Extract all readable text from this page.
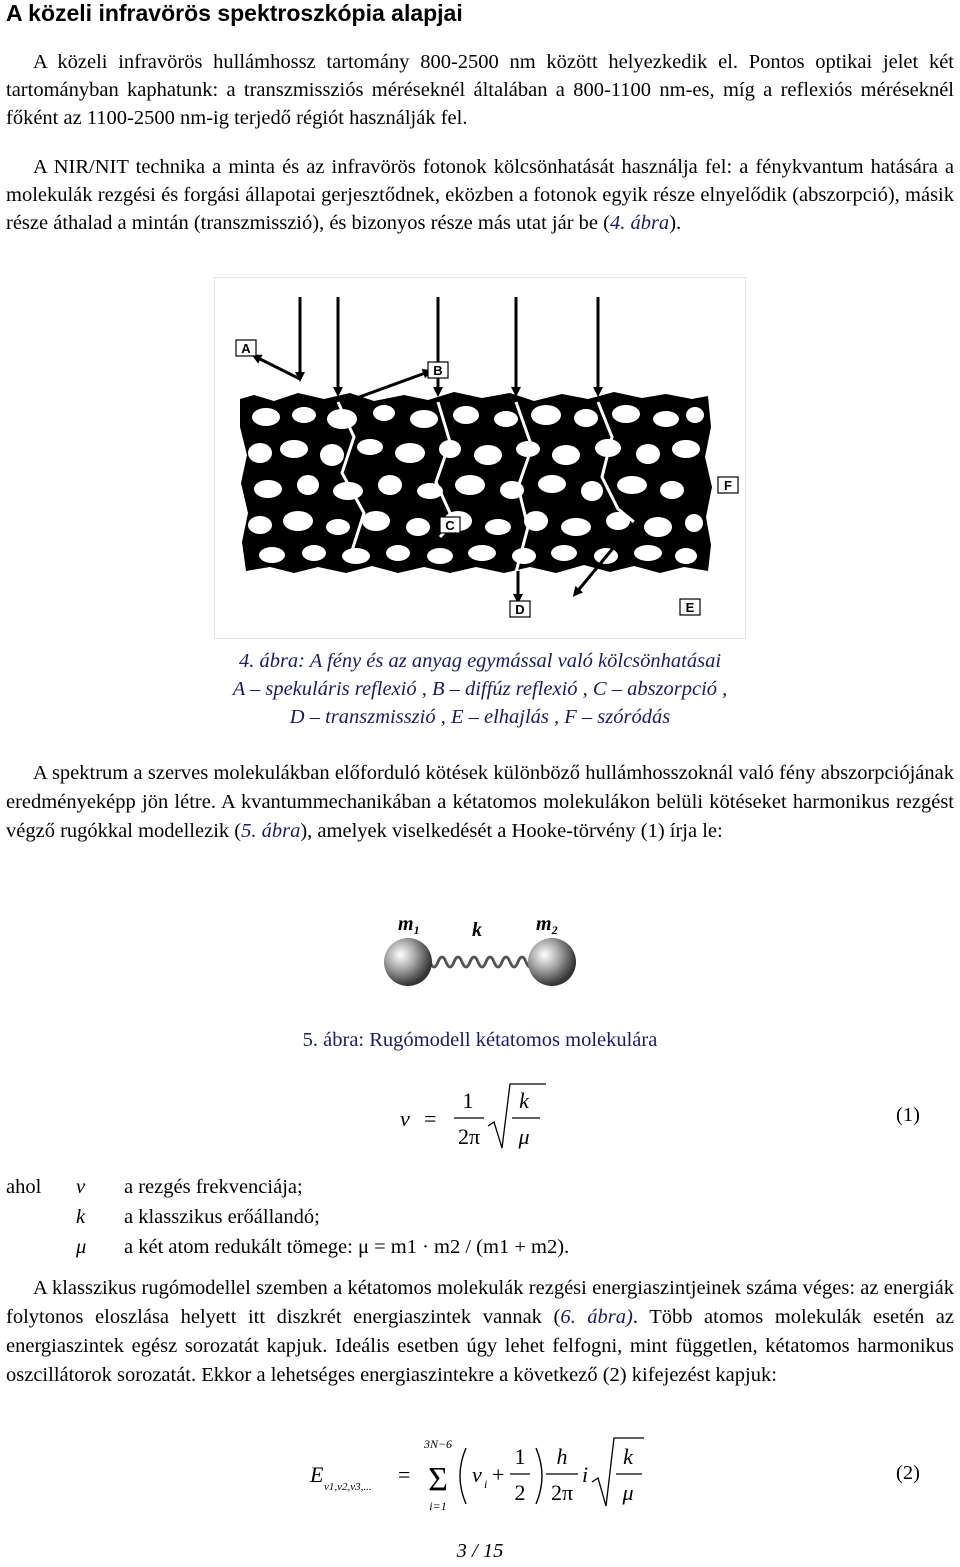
A közeli infravörös spektroszkópia alapjai
A közeli infravörös hullámhossz tartomány 800-2500 nm között helyezkedik el. Pontos optikai jelet két tartományban kaphatunk: a transzmissziós méréseknél általában a 800-1100 nm-es, míg a reflexiós méréseknél főként az 1100-2500 nm-ig terjedő régiót használják fel.
A NIR/NIT technika a minta és az infravörös fotonok kölcsönhatását használja fel: a fénykvantum hatására a molekulák rezgési és forgási állapotai gerjesztődnek, eközben a fotonok egyik része elnyelődik (abszorpció), másik része áthalad a mintán (transzmisszió), és bizonyos része más utat jár be (4. ábra).
A
B
C
D	E
F
4. ábra: A fény és az anyag egymással való kölcsönhatásai
A – spekuláris reflexió , B – diffúz reflexió , C – abszorpció ,
D – transzmisszió , E – elhajlás , F – szóródás
A spektrum a szerves molekulákban előforduló kötések különböző hullámhosszoknál való fény abszorpciójának eredményeképp jön létre. A kvantummechanikában a kétatomos molekulákon belüli kötéseket harmonikus rezgést végző rugókkal modellezik (5. ábra), amelyek viselkedését a Hooke-törvény (1) írja le:
$m_1$	k	$m_2$
5. ábra: Rugómodell kétatomos molekulára
ν =
1
2π
k
μ
(1)
ahol	ν	a rezgés frekvenciája;
	k	a klasszikus erőállandó;
	μ	a két atom redukált tömege: μ = m1 · m2 / (m1 + m2).
A klasszikus rugómodellel szemben a kétatomos molekulák rezgési energiaszintjeinek száma véges: az energiák folytonos eloszlása helyett itt diszkrét energiaszintek vannak (6. ábra). Több atomos molekulák esetén az energiaszintek egész sorozatát kapjuk. Ideális esetben úgy lehet felfogni, mint független, kétatomos harmonikus oszcillátorok sorozatát. Ekkor a lehetséges energiaszintekre a következő (2) kifejezést kapjuk:
E ν1,ν2,ν3,... =
3N−6
Σ
i=1
ν i +
1
2
h
2π
i
k
μ
(2)
3 / 15
